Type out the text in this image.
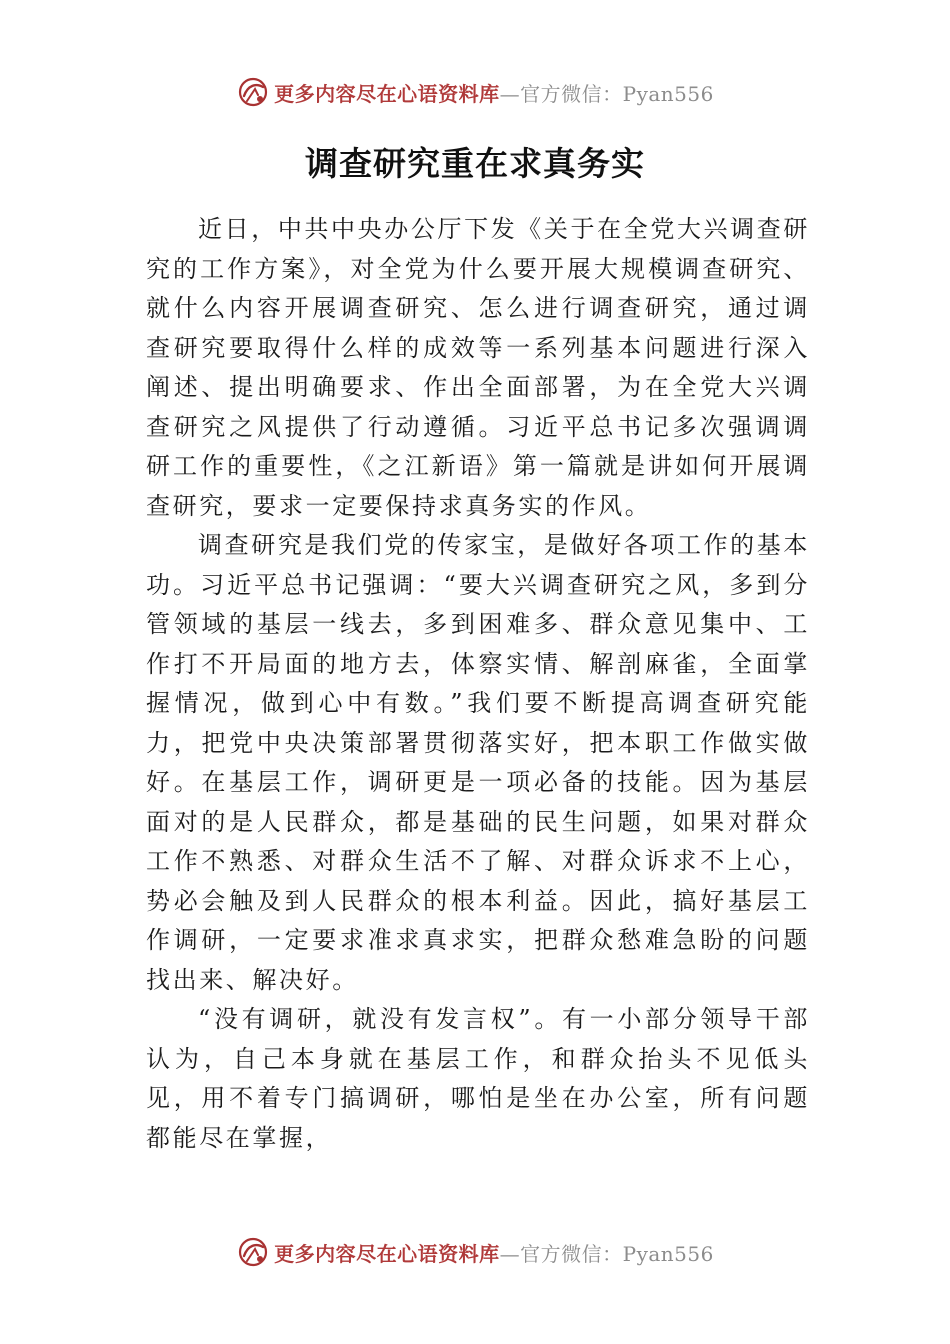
更多内容尽在心语资料库—官方微信：Pyan556
调查研究重在求真务实

近日，中共中央办公厅下发《关于在全党大兴调查研究的工作方案》，对全党为什么要开展大规模调查研究、就什么内容开展调查研究、怎么进行调查研究，通过调查研究要取得什么样的成效等一系列基本问题进行深入阐述、提出明确要求、作出全面部署，为在全党大兴调查研究之风提供了行动遵循。习近平总书记多次强调调研工作的重要性，《之江新语》第一篇就是讲如何开展调查研究，要求一定要保持求真务实的作风。

调查研究是我们党的传家宝，是做好各项工作的基本功。习近平总书记强调：“要大兴调查研究之风，多到分管领域的基层一线去，多到困难多、群众意见集中、工作打不开局面的地方去，体察实情、解剖麻雀，全面掌握情况，做到心中有数。”我们要不断提高调查研究能力，把党中央决策部署贯彻落实好，把本职工作做实做好。在基层工作，调研更是一项必备的技能。因为基层面对的是人民群众，都是基础的民生问题，如果对群众工作不熟悉、对群众生活不了解、对群众诉求不上心，势必会触及到人民群众的根本利益。因此，搞好基层工作调研，一定要求准求真求实，把群众愁难急盼的问题找出来、解决好。

“没有调研，就没有发言权”。有一小部分领导干部认为，自己本身就在基层工作，和群众抬头不见低头见，用不着专门搞调研，哪怕是坐在办公室，所有问题都能尽在掌握，

更多内容尽在心语资料库—官方微信：Pyan556
